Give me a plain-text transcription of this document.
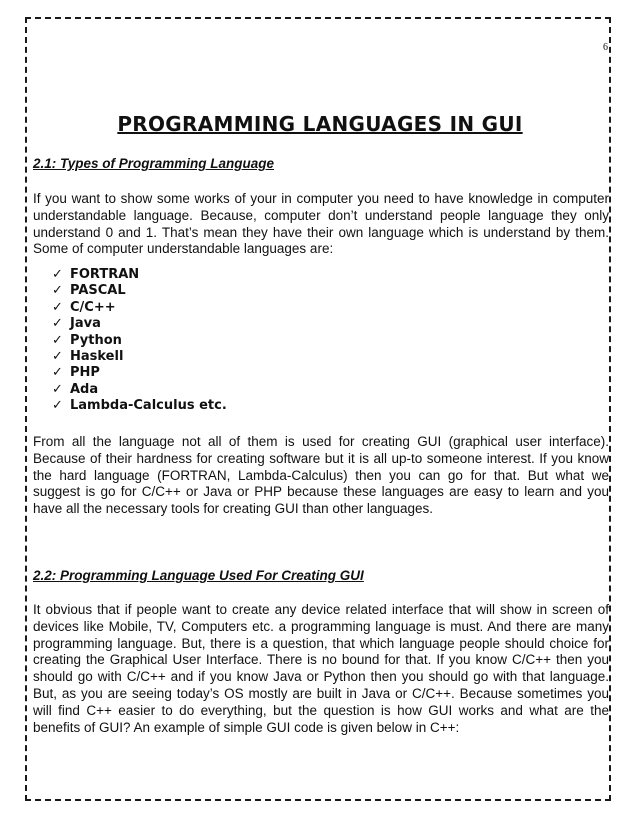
6
PROGRAMMING LANGUAGES IN GUI
2.1: Types of Programming Language

If you want to show some works of your in computer you need to have knowledge in computer understandable language. Because, computer don’t understand people language they only understand 0 and 1. That’s mean they have their own language which is understand by them. Some of computer understandable languages are:

✓ FORTRAN
✓ PASCAL
✓ C/C++
✓ Java
✓ Python
✓ Haskell
✓ PHP
✓ Ada
✓ Lambda-Calculus etc.

From all the language not all of them is used for creating GUI (graphical user interface). Because of their hardness for creating software but it is all up-to someone interest. If you know the hard language (FORTRAN, Lambda-Calculus) then you can go for that. But what we suggest is go for C/C++ or Java or PHP because these languages are easy to learn and you have all the necessary tools for creating GUI than other languages.

2.2: Programming Language Used For Creating GUI

It obvious that if people want to create any device related interface that will show in screen of devices like Mobile, TV, Computers etc. a programming language is must. And there are many programming language. But, there is a question, that which language people should choice for creating the Graphical User Interface. There is no bound for that. If you know C/C++ then you should go with C/C++ and if you know Java or Python then you should go with that language. But, as you are seeing today’s OS mostly are built in Java or C/C++. Because sometimes you will find C++ easier to do everything, but the question is how GUI works and what are the benefits of GUI? An example of simple GUI code is given below in C++:
